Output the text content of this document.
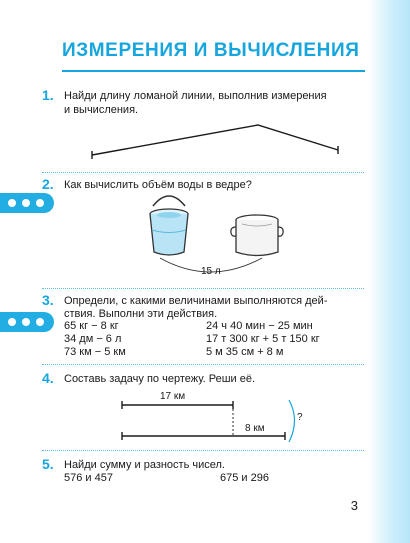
ИЗМЕРЕНИЯ И ВЫЧИСЛЕНИЯ
1. Найди длину ломаной линии, выполнив измерения
и вычисления.
2. Как вычислить объём воды в ведре?
15 л
3. Определи, с какими величинами выполняются дей-
ствия. Выполни эти действия.
65 кг − 8 кг
34 дм − 6 л
73 км − 5 км
24 ч 40 мин − 25 мин
17 т 300 кг + 5 т 150 кг
5 м 35 см + 8 м
4. Составь задачу по чертежу. Реши её.
17 км
8 км
?
5. Найди сумму и разность чисел.
576 и 457	675 и 296
3
